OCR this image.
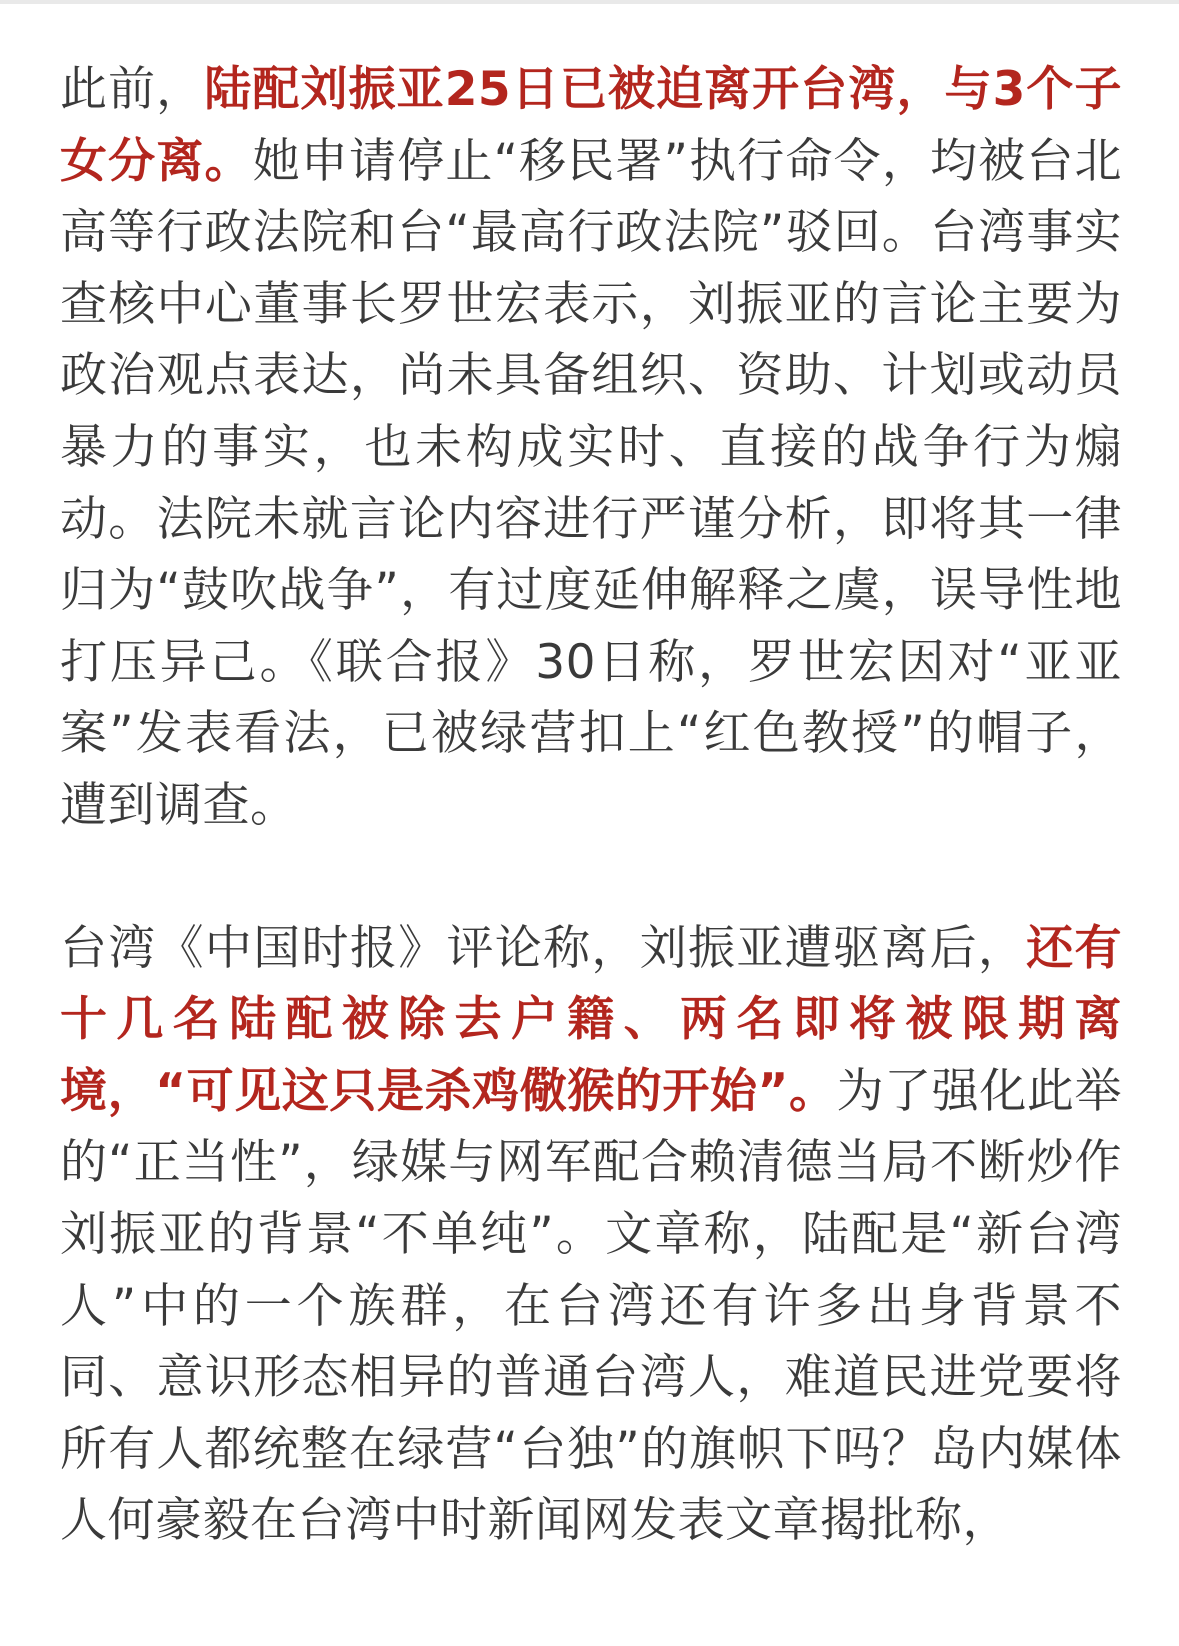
此前，陆配刘振亚25日已被迫离开台湾，与3个子女分离。她申请停止“移民署”执行命令，均被台北高等行政法院和台“最高行政法院”驳回。台湾事实查核中心董事长罗世宏表示，刘振亚的言论主要为政治观点表达，尚未具备组织、资助、计划或动员暴力的事实，也未构成实时、直接的战争行为煽动。法院未就言论内容进行严谨分析，即将其一律归为“鼓吹战争”，有过度延伸解释之虞，误导性地打压异己。《联合报》30日称，罗世宏因对“亚亚案”发表看法，已被绿营扣上“红色教授”的帽子，遭到调查。

台湾《中国时报》评论称，刘振亚遭驱离后，还有十几名陆配被除去户籍、两名即将被限期离境，“可见这只是杀鸡儆猴的开始”。为了强化此举的“正当性”，绿媒与网军配合赖清德当局不断炒作刘振亚的背景“不单纯”。文章称，陆配是“新台湾人”中的一个族群，在台湾还有许多出身背景不同、意识形态相异的普通台湾人，难道民进党要将所有人都统整在绿营“台独”的旗帜下吗？岛内媒体人何豪毅在台湾中时新闻网发表文章揭批称，
